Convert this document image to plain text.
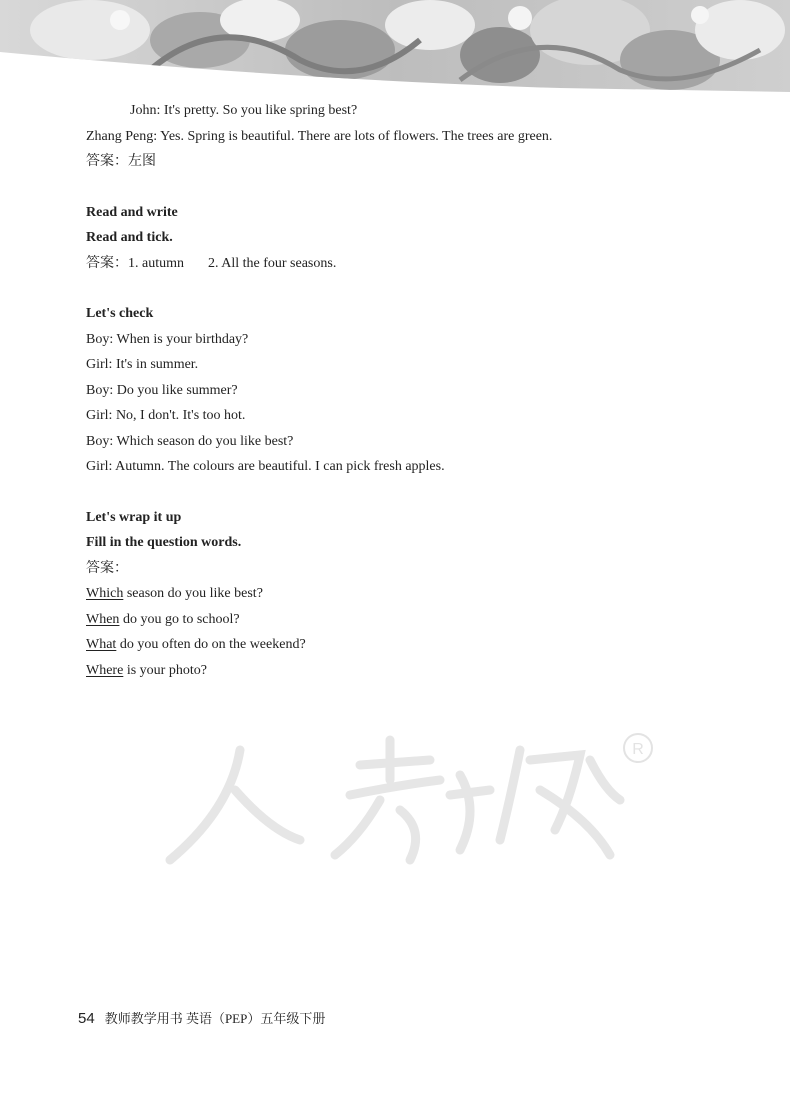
John: It's pretty. So you like spring best?
Zhang Peng: Yes. Spring is beautiful. There are lots of flowers. The trees are green.
答案：左图
Read and write
Read and tick.
答案：1. autumn 2. All the four seasons.
Let's check
Boy: When is your birthday?
Girl: It's in summer.
Boy: Do you like summer?
Girl: No, I don't. It's too hot.
Boy: Which season do you like best?
Girl: Autumn. The colours are beautiful. I can pick fresh apples.
Let's wrap it up
Fill in the question words.
答案：
Which season do you like best?
When do you go to school?
What do you often do on the weekend?
Where is your photo?
R
54 教师教学用书 英语（PEP）五年级下册
